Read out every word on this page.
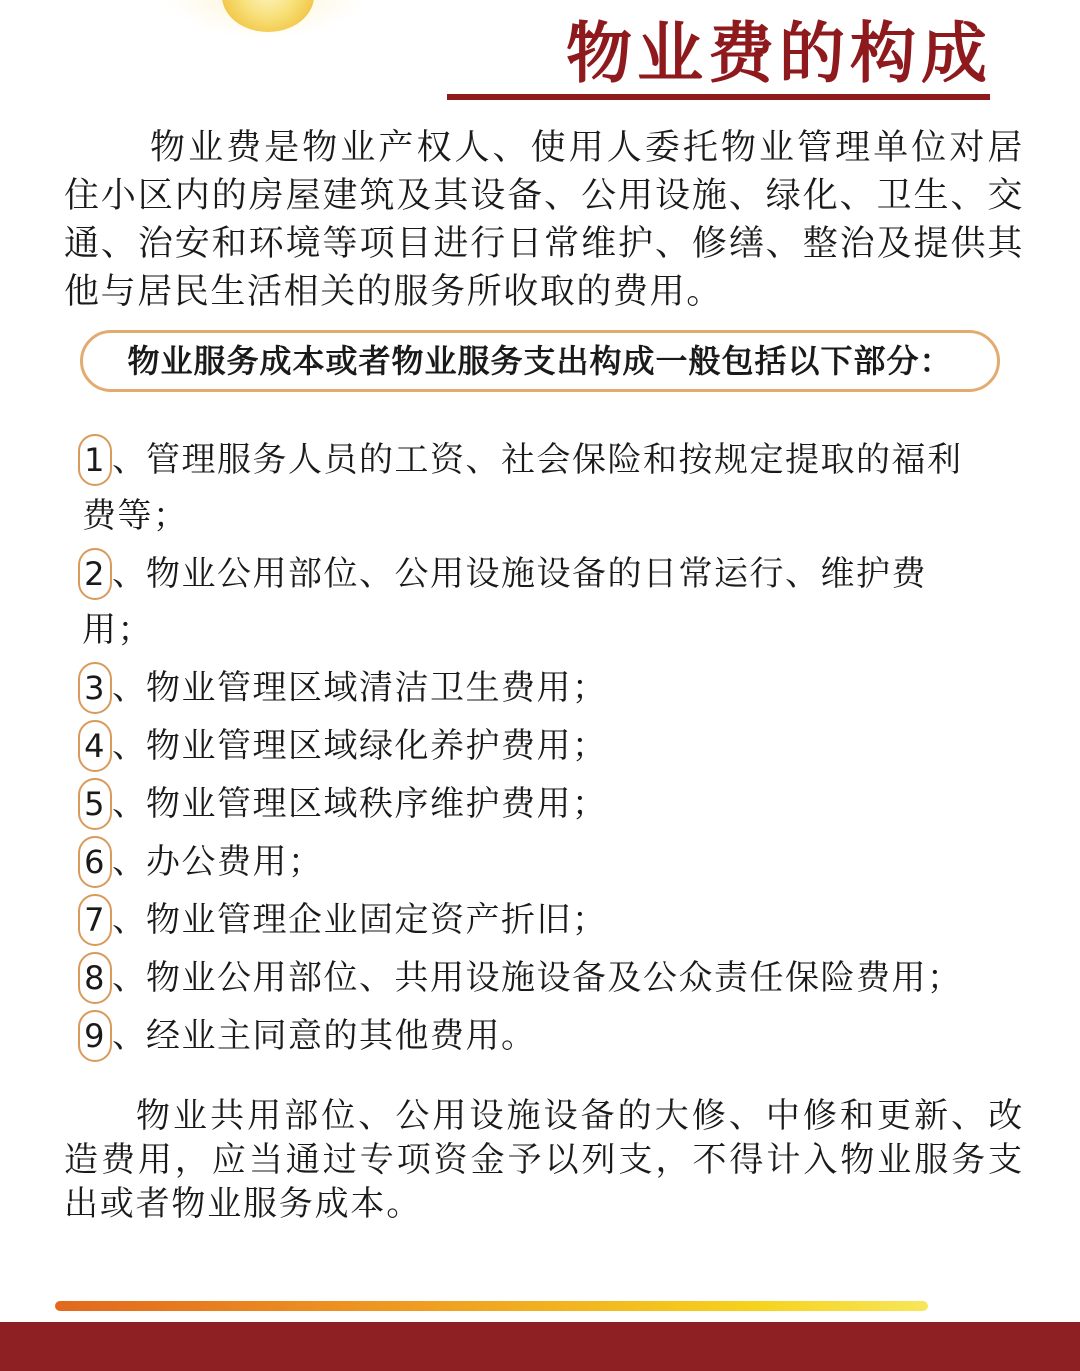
物业费的构成

物业费是物业产权人、使用人委托物业管理单位对居住小区内的房屋建筑及其设备、公用设施、绿化、卫生、交通、治安和环境等项目进行日常维护、修缮、整治及提供其他与居民生活相关的服务所收取的费用。

物业服务成本或者物业服务支出构成一般包括以下部分：
1 、
管理服务人员的工资、社会保险和按规定提取的福利
费等；
2 、
物业公用部位、公用设施设备的日常运行、维护费
用；
3 、
物业管理区域清洁卫生费用；
4 、
物业管理区域绿化养护费用；
5 、
物业管理区域秩序维护费用；
6 、
办公费用；
7 、
物业管理企业固定资产折旧；
8 、
物业公用部位、共用设施设备及公众责任保险费用；
9 、
经业主同意的其他费用。

物业共用部位、公用设施设备的大修、中修和更新、改造费用，应当通过专项资金予以列支，不得计入物业服务支出或者物业服务成本。
